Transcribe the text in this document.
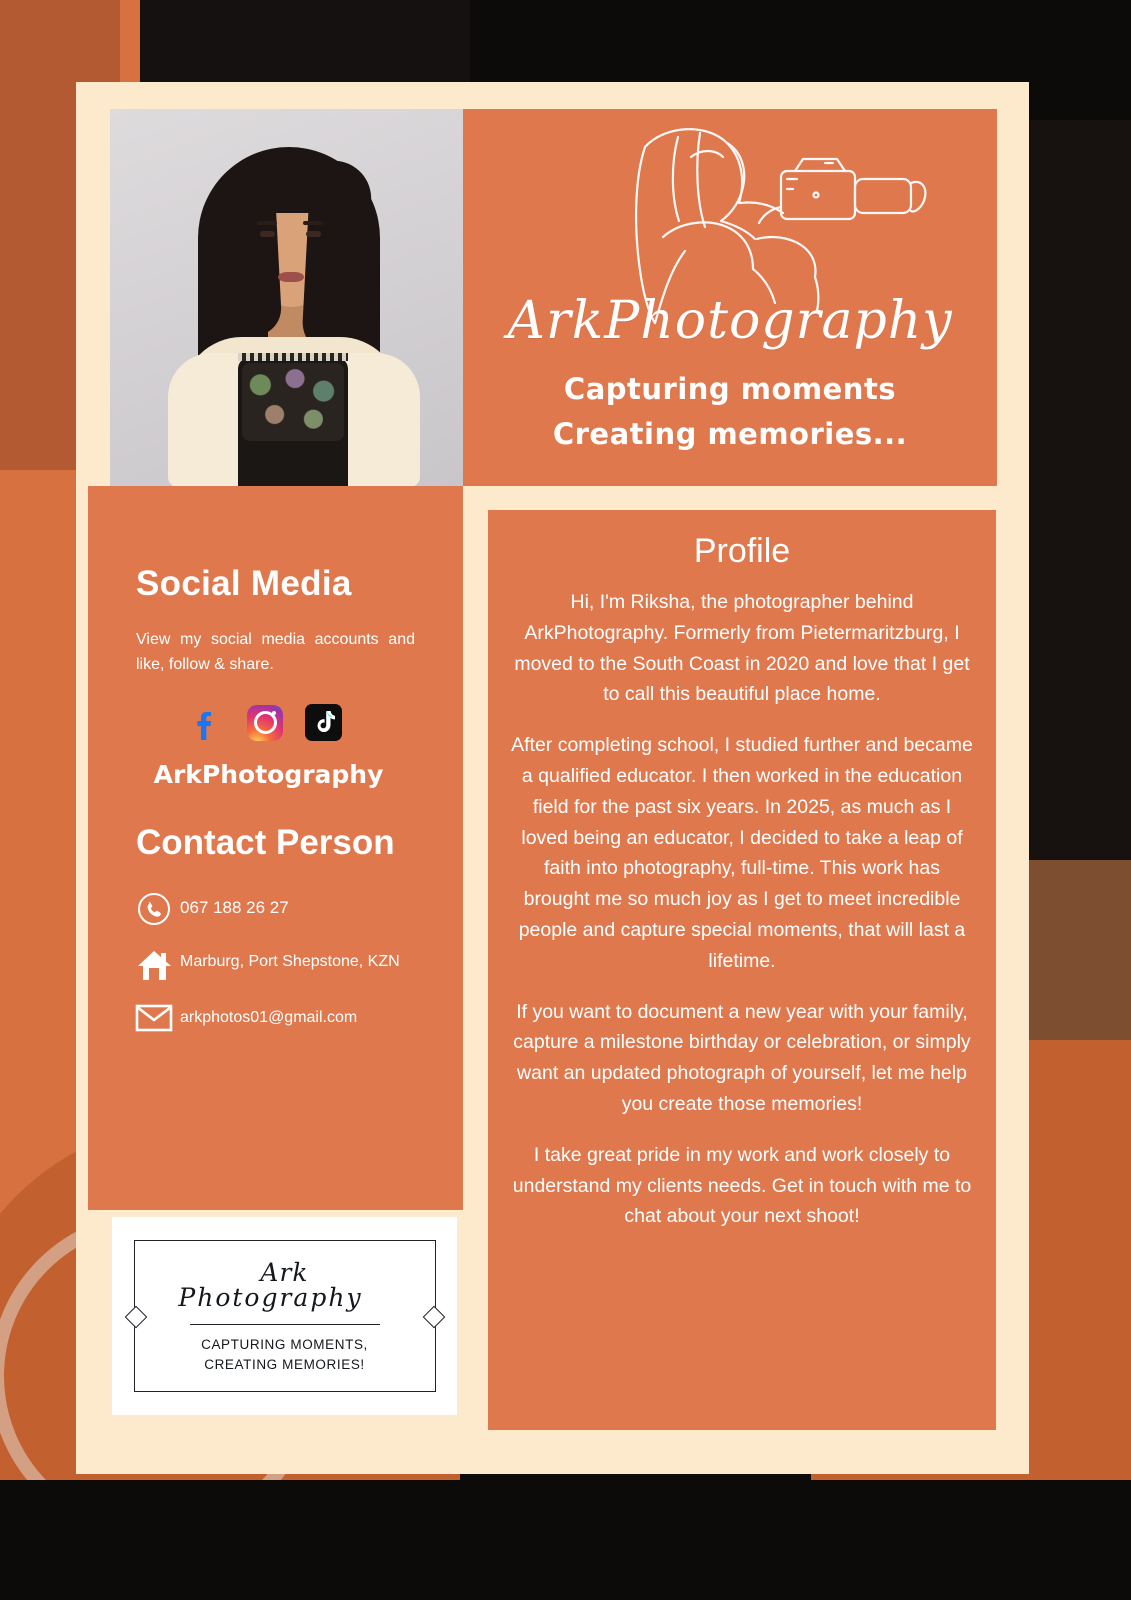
ArkPhotography
Capturing moments
Creating memories...
Social Media
View my social media accounts and like, follow & share.
ArkPhotography
Contact Person
067 188 26 27
Marburg, Port Shepstone, KZN
arkphotos01@gmail.com
Ark
Photography
CAPTURING MOMENTS,
CREATING MEMORIES!
Profile

Hi, I'm Riksha, the photographer behind ArkPhotography. Formerly from Pietermaritzburg, I moved to the South Coast in 2020 and love that I get to call this beautiful place home.

After completing school, I studied further and became a qualified educator. I then worked in the education field for the past six years. In 2025, as much as I loved being an educator, I decided to take a leap of faith into photography, full-time. This work has brought me so much joy as I get to meet incredible people and capture special moments, that will last a lifetime.

If you want to document a new year with your family, capture a milestone birthday or celebration, or simply want an updated photograph of yourself, let me help you create those memories!

I take great pride in my work and work closely to understand my clients needs. Get in touch with me to chat about your next shoot!
